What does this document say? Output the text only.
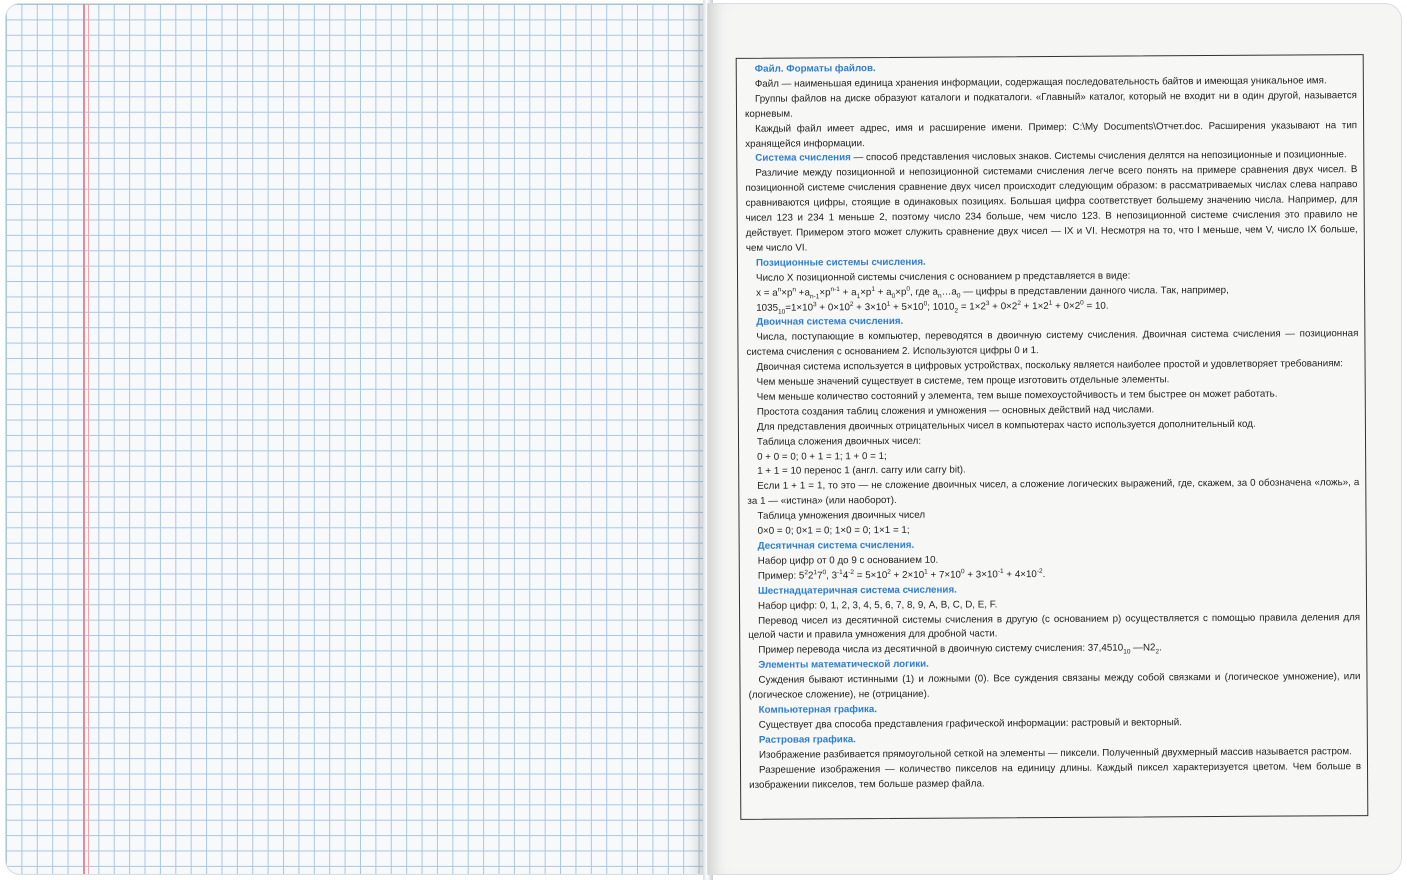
Файл. Форматы файлов.

Файл — наименьшая единица хранения информации, содержащая последовательность байтов и имеющая уникальное имя.

Группы файлов на диске образуют каталоги и подкаталоги. «Главный» каталог, который не входит ни в один другой, называется корневым.

Каждый файл имеет адрес, имя и расширение имени. Пример: C:\My Documents\Отчет.doc. Расширения указывают на тип хранящейся информации.

Система счисления — способ представления числовых знаков. Системы счисления делятся на непозиционные и позиционные.

Различие между позиционной и непозиционной системами счисления легче всего понять на примере сравнения двух чисел. В позиционной системе счисления сравнение двух чисел происходит следующим образом: в рассматриваемых числах слева направо сравниваются цифры, стоящие в одинаковых позициях. Большая цифра соответствует большему значению числа. Например, для чисел 123 и 234 1 меньше 2, поэтому число 234 больше, чем число 123. В непозиционной системе счисления это правило не действует. Примером этого может служить сравнение двух чисел — IX и VI. Несмотря на то, что I меньше, чем V, число IX больше, чем число VI.

Позиционные системы счисления.

Число X позиционной системы счисления с основанием p представляется в виде:

$x = a^n\times p^n +a_{n-1}\times p^{n-1} + a_1\times p^1 + a_0\times p^0$, где $a_n\dots a_0$ — цифры в представлении данного числа. Так, например,

$1035_{10}=1\times 10^3 + 0\times 10^2 + 3\times 10^1 + 5\times 10^0$; $1010_2 = 1\times 2^3 + 0\times 2^2 + 1\times 2^1 + 0\times 2^0 = 10$.

Двоичная система счисления.

Числа, поступающие в компьютер, переводятся в двоичную систему счисления. Двоичная система счисления — позиционная система счисления с основанием 2. Используются цифры 0 и 1.

Двоичная система используется в цифровых устройствах, поскольку является наиболее простой и удовлетворяет требованиям:

Чем меньше значений существует в системе, тем проще изготовить отдельные элементы.

Чем меньше количество состояний у элемента, тем выше помехоустойчивость и тем быстрее он может работать.

Простота создания таблиц сложения и умножения — основных действий над числами.

Для представления двоичных отрицательных чисел в компьютерах часто используется дополнительный код.

Таблица сложения двоичных чисел:

0 + 0 = 0; 0 + 1 = 1; 1 + 0 = 1;

1 + 1 = 10 перенос 1 (англ. carry или carry bit).

Если 1 + 1 = 1, то это — не сложение двоичных чисел, а сложение логических выражений, где, скажем, за 0 обозначена «ложь», а за 1 — «истина» (или наоборот).

Таблица умножения двоичных чисел

0×0 = 0; 0×1 = 0; 1×0 = 0; 1×1 = 1;

Десятичная система счисления.

Набор цифр от 0 до 9 с основанием 10.

Пример: $5^22^17^0$, $3^{-1}4^{-2} = 5\times 10^2 + 2\times 10^1 + 7\times 10^0 + 3\times 10^{-1} + 4\times 10^{-2}$.

Шестнадцатеричная система счисления.

Набор цифр: 0, 1, 2, 3, 4, 5, 6, 7, 8, 9, A, B, C, D, E, F.

Перевод чисел из десятичной системы счисления в другую (с основанием p) осуществляется с помощью правила деления для целой части и правила умножения для дробной части.

Пример перевода числа из десятичной в двоичную систему счисления: $37,4510_{10}$ $—N2_2$.

Элементы математической логики.

Суждения бывают истинными (1) и ложными (0). Все суждения связаны между собой связками и (логическое умножение), или (логическое сложение), не (отрицание).

Компьютерная графика.

Существует два способа представления графической информации: растровый и векторный.

Растровая графика.

Изображение разбивается прямоугольной сеткой на элементы — пиксели. Полученный двухмерный массив называется растром.

Разрешение изображения — количество пикселов на единицу длины. Каждый пиксел характеризуется цветом. Чем больше в изображении пикселов, тем больше размер файла.
